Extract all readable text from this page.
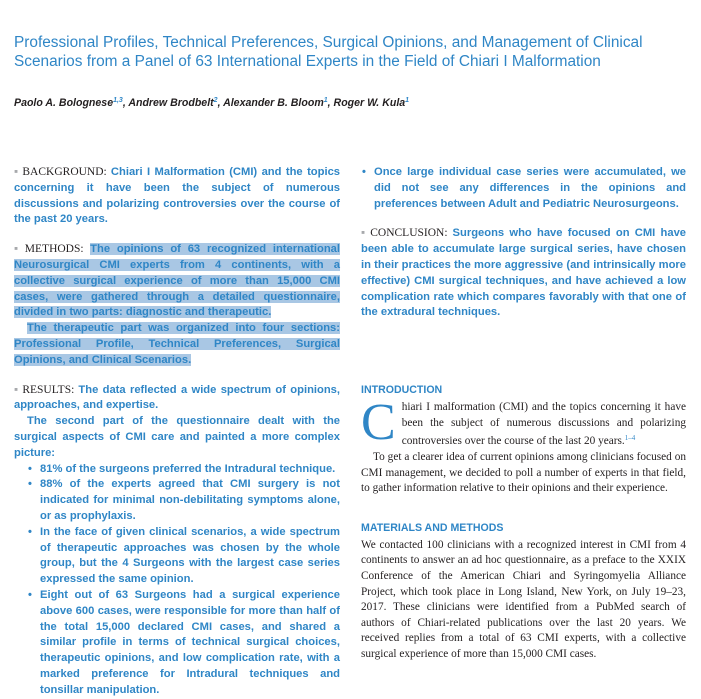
Professional Profiles, Technical Preferences, Surgical Opinions, and Management of Clinical Scenarios from a Panel of 63 International Experts in the Field of Chiari I Malformation
Paolo A. Bolognese$^{1,3}$, Andrew Brodbelt$^2$, Alexander B. Bloom$^1$, Roger W. Kula$^1$

▪ BACKGROUND: Chiari I Malformation (CMI) and the topics concerning it have been the subject of numerous discussions and polarizing controversies over the course of the past 20 years.

▪ METHODS: The opinions of 63 recognized international Neurosurgical CMI experts from 4 continents, with a collective surgical experience of more than 15,000 CMI cases, were gathered through a detailed questionnaire, divided in two parts: diagnostic and therapeutic.

The therapeutic part was organized into four sections: Professional Profile, Technical Preferences, Surgical Opinions, and Clinical Scenarios.

▪ RESULTS: The data reflected a wide spectrum of opinions, approaches, and expertise.

The second part of the questionnaire dealt with the surgical aspects of CMI care and painted a more complex picture:

• 81% of the surgeons preferred the Intradural technique.
• 88% of the experts agreed that CMI surgery is not indicated for minimal non-debilitating symptoms alone, or as prophylaxis.
• In the face of given clinical scenarios, a wide spectrum of therapeutic approaches was chosen by the whole group, but the 4 Surgeons with the largest case series expressed the same opinion.
• Eight out of 63 Surgeons had a surgical experience above 600 cases, were responsible for more than half of the total 15,000 declared CMI cases, and shared a similar profile in terms of technical surgical choices, therapeutic opinions, and low complication rate, with a marked preference for Intradural techniques and tonsillar manipulation.
• Once large individual case series were accumulated, we did not see any differences in the opinions and preferences between Adult and Pediatric Neurosurgeons.

▪ CONCLUSION: Surgeons who have focused on CMI have been able to accumulate large surgical series, have chosen in their practices the more aggressive (and intrinsically more effective) CMI surgical techniques, and have achieved a low complication rate which compares favorably with that one of the extradural techniques.

INTRODUCTION

Chiari I malformation (CMI) and the topics concerning it have been the subject of numerous discussions and polarizing controversies over the course of the last 20 years.$^{1-4}$

To get a clearer idea of current opinions among clinicians focused on CMI management, we decided to poll a number of experts in that field, to gather information relative to their opinions and their experience.

MATERIALS AND METHODS

We contacted 100 clinicians with a recognized interest in CMI from 4 continents to answer an ad hoc questionnaire, as a preface to the XXIX Conference of the American Chiari and Syringomyelia Alliance Project, which took place in Long Island, New York, on July 19–23, 2017. These clinicians were identified from a PubMed search of authors of Chiari-related publications over the last 20 years. We received replies from a total of 63 CMI experts, with a collective surgical experience of more than 15,000 CMI cases.
